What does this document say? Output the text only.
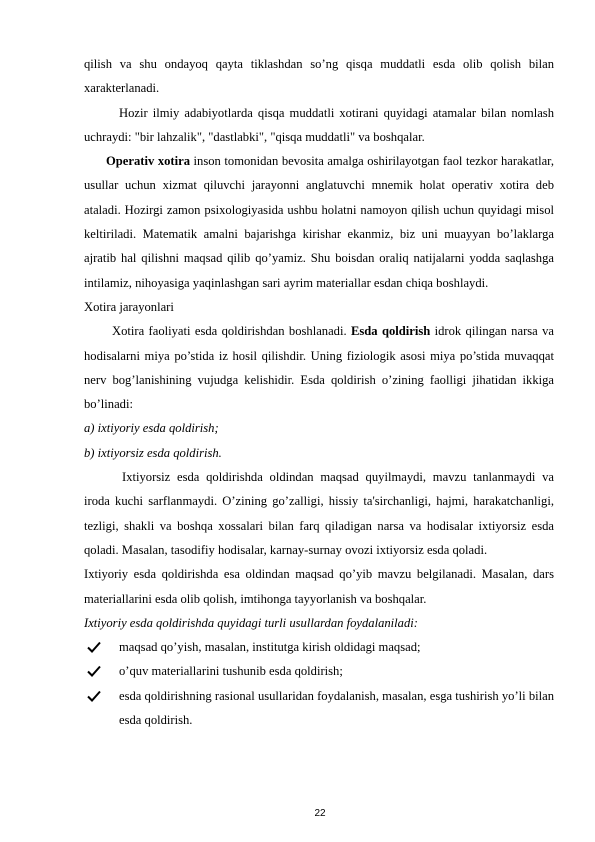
qilish va shu ondayoq qayta tiklashdan so’ng qisqa muddatli esda olib qolish bilan xarakterlanadi.

Hozir ilmiy adabiyotlarda qisqa muddatli xotirani quyidagi atamalar bilan nomlash uchraydi: "bir lahzalik", "dastlabki", "qisqa muddatli" va boshqalar.

Operativ xotira inson tomonidan bevosita amalga oshirilayotgan faol tezkor harakatlar, usullar uchun xizmat qiluvchi jarayonni anglatuvchi mnemik holat operativ xotira deb ataladi. Hozirgi zamon psixologiyasida ushbu holatni namoyon qilish uchun quyidagi misol keltiriladi. Matematik amalni bajarishga kirishar ekanmiz, biz uni muayyan bo’laklarga ajratib hal qilishni maqsad qilib qo’yamiz. Shu boisdan oraliq natijalarni yodda saqlashga intilamiz, nihoyasiga yaqinlashgan sari ayrim materiallar esdan chiqa boshlaydi.

Xotira jarayonlari

Xotira faoliyati esda qoldirishdan boshlanadi. Esda qoldirish idrok qilingan narsa va hodisalarni miya po’stida iz hosil qilishdir. Uning fiziologik asosi miya po’stida muvaqqat nerv bog’lanishining vujudga kelishidir. Esda qoldirish o’zining faolligi jihatidan ikkiga bo’linadi:

a) ixtiyoriy esda qoldirish;

b) ixtiyorsiz esda qoldirish.

Ixtiyorsiz esda qoldirishda oldindan maqsad quyilmaydi, mavzu tanlanmaydi va iroda kuchi sarflanmaydi. O’zining go’zalligi, hissiy ta'sirchanligi, hajmi, harakatchanligi, tezligi, shakli va boshqa xossalari bilan farq qiladigan narsa va hodisalar ixtiyorsiz esda qoladi. Masalan, tasodifiy hodisalar, karnay-surnay ovozi ixtiyorsiz esda qoladi.

Ixtiyoriy esda qoldirishda esa oldindan maqsad qo’yib mavzu belgilanadi. Masalan, dars materiallarini esda olib qolish, imtihonga tayyorlanish va boshqalar.

Ixtiyoriy esda qoldirishda quyidagi turli usullardan foydalaniladi:

maqsad qo’yish, masalan, institutga kirish oldidagi maqsad;
o’quv materiallarini tushunib esda qoldirish;
esda qoldirishning rasional usullaridan foydalanish, masalan, esga tushirish yo’li bilan esda qoldirish.
22
